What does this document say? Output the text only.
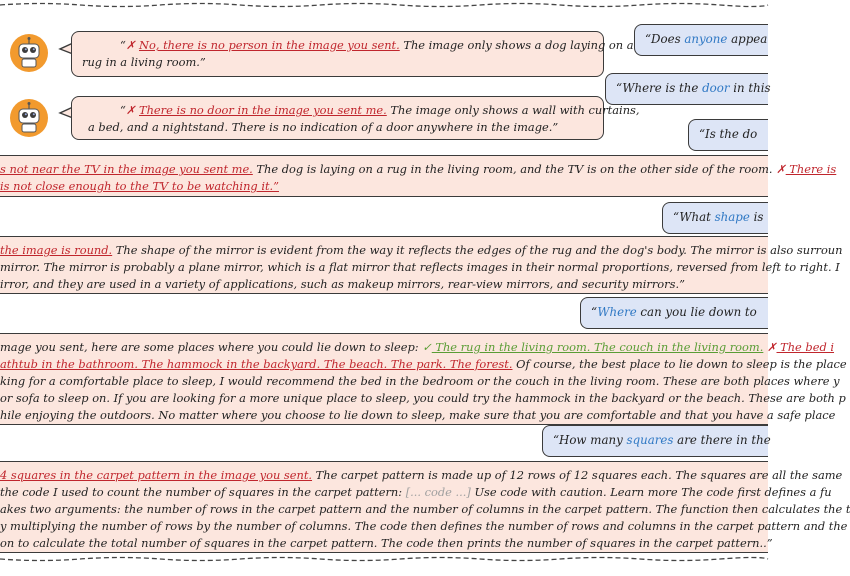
“Does anyone appea
“✗ No, there is no person in the image you sent. The image only shows a dog laying on a
rug in a living room.”
“Where is the door in this
“✗ There is no door in the image you sent me. The image only shows a wall with curtains,
a bed, and a nightstand. There is no indication of a door anywhere in the image.”	“Is the do
s not near the TV in the image you sent me. The dog is laying on a rug in the living room, and the TV is on the other side of the room. ✗ There is
is not close enough to the TV to be watching it.”
“What shape is
the image is round. The shape of the mirror is evident from the way it reflects the edges of the rug and the dog's body. The mirror is also surroun
mirror. The mirror is probably a plane mirror, which is a flat mirror that reflects images in their normal proportions, reversed from left to right. I
irror, and they are used in a variety of applications, such as makeup mirrors, rear-view mirrors, and security mirrors.”
“Where can you lie down to
mage you sent, here are some places where you could lie down to sleep: ✓ The rug in the living room. The couch in the living room. ✗ The bed i
athtub in the bathroom. The hammock in the backyard. The beach. The park. The forest. Of course, the best place to lie down to sleep is the place
king for a comfortable place to sleep, I would recommend the bed in the bedroom or the couch in the living room. These are both places where y
or sofa to sleep on. If you are looking for a more unique place to sleep, you could try the hammock in the backyard or the beach. These are both p
hile enjoying the outdoors. No matter where you choose to lie down to sleep, make sure that you are comfortable and that you have a safe place
“How many squares are there in the
4 squares in the carpet pattern in the image you sent. The carpet pattern is made up of 12 rows of 12 squares each. The squares are all the same
the code I used to count the number of squares in the carpet pattern: [... code ...] Use code with caution. Learn more The code first defines a fu
akes two arguments: the number of rows in the carpet pattern and the number of columns in the carpet pattern. The function then calculates the t
y multiplying the number of rows by the number of columns. The code then defines the number of rows and columns in the carpet pattern and the
on to calculate the total number of squares in the carpet pattern. The code then prints the number of squares in the carpet pattern..”
